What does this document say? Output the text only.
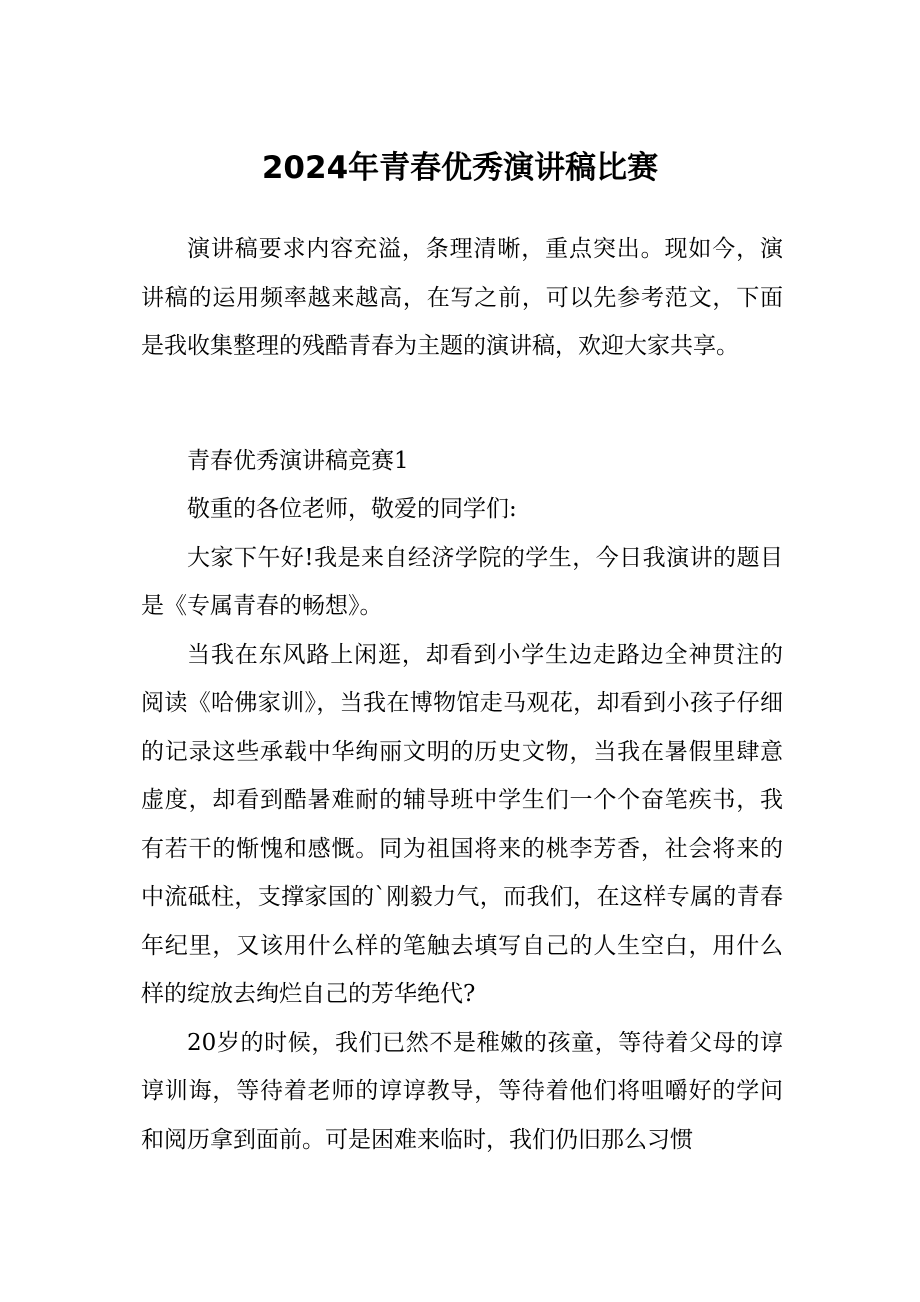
2024年青春优秀演讲稿比赛

演讲稿要求内容充溢，条理清晰，重点突出。现如今，演讲稿的运用频率越来越高，在写之前，可以先参考范文，下面是我收集整理的残酷青春为主题的演讲稿，欢迎大家共享。

青春优秀演讲稿竞赛1

敬重的各位老师，敬爱的同学们:

大家下午好!我是来自经济学院的学生，今日我演讲的题目是《专属青春的畅想》。

当我在东风路上闲逛，却看到小学生边走路边全神贯注的阅读《哈佛家训》，当我在博物馆走马观花，却看到小孩子仔细的记录这些承载中华绚丽文明的历史文物，当我在暑假里肆意虚度，却看到酷暑难耐的辅导班中学生们一个个奋笔疾书，我有若干的惭愧和感慨。同为祖国将来的桃李芳香，社会将来的中流砥柱，支撑家国的`刚毅力气，而我们，在这样专属的青春年纪里，又该用什么样的笔触去填写自己的人生空白，用什么样的绽放去绚烂自己的芳华绝代?

20岁的时候，我们已然不是稚嫩的孩童，等待着父母的谆谆训诲，等待着老师的谆谆教导，等待着他们将咀嚼好的学问和阅历拿到面前。可是困难来临时，我们仍旧那么习惯
